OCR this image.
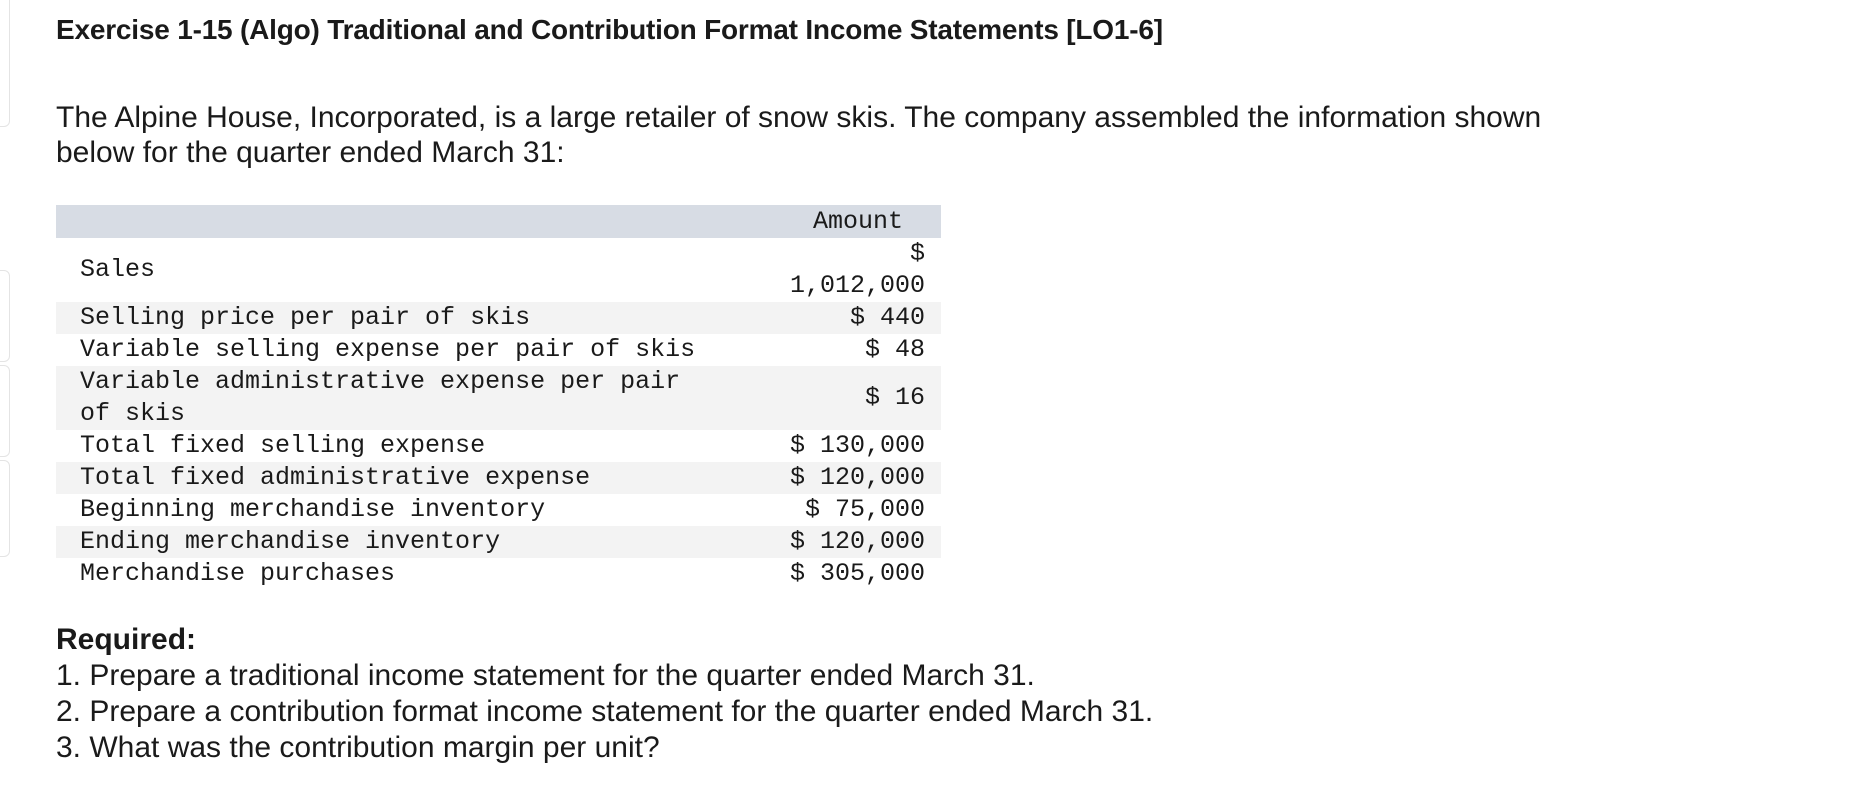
Exercise 1-15 (Algo) Traditional and Contribution Format Income Statements [LO1-6]

The Alpine House, Incorporated, is a large retailer of snow skis. The company assembled the information shown below for the quarter ended March 31:

	Amount
Sales	$
1,012,000
Selling price per pair of skis	$ 440
Variable selling expense per pair of skis	$ 48
Variable administrative expense per pair
of skis	$ 16
Total fixed selling expense	$ 130,000
Total fixed administrative expense	$ 120,000
Beginning merchandise inventory	$ 75,000
Ending merchandise inventory	$ 120,000
Merchandise purchases	$ 305,000
Required:
1. Prepare a traditional income statement for the quarter ended March 31.
2. Prepare a contribution format income statement for the quarter ended March 31.
3. What was the contribution margin per unit?
